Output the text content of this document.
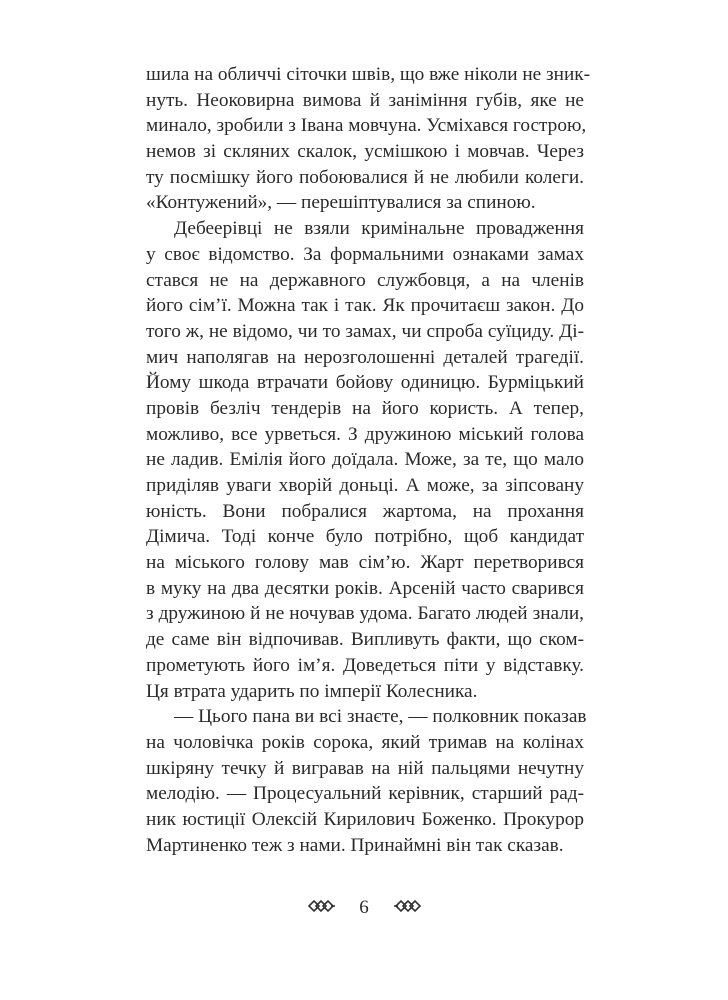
шила на обличчі сіточки швів, що вже ніколи не зник-
нуть. Неоковирна вимова й заніміння губів, яке не
минало, зробили з Івана мовчуна. Усміхався гострою,
немов зі скляних скалок, усмішкою і мовчав. Через
ту посмішку його побоювалися й не любили колеги.
«Контужений», — перешіптувалися за спиною.
Дебеерівці не взяли кримінальне провадження
у своє відомство. За формальними ознаками замах
стався не на державного службовця, а на членів
його сім’ї. Можна так і так. Як прочитаєш закон. До
того ж, не відомо, чи то замах, чи спроба суїциду. Ді-
мич наполягав на нерозголошенні деталей трагедії.
Йому шкода втрачати бойову одиницю. Бурміцький
провів безліч тендерів на його користь. А тепер,
можливо, все урветься. З дружиною міський голова
не ладив. Емілія його доїдала. Може, за те, що мало
приділяв уваги хворій доньці. А може, за зіпсовану
юність. Вони побралися жартома, на прохання
Дімича. Тоді конче було потрібно, щоб кандидат
на міського голову мав сім’ю. Жарт перетворився
в муку на два десятки років. Арсеній часто сварився
з дружиною й не ночував удома. Багато людей знали,
де саме він відпочивав. Випливуть факти, що ском-
прометують його ім’я. Доведеться піти у відставку.
Ця втрата ударить по імперії Колесника.
— Цього пана ви всі знаєте, — полковник показав
на чоловічка років сорока, який тримав на колінах
шкіряну течку й вигравав на ній пальцями нечутну
мелодію. — Процесуальний керівник, старший рад-
ник юстиції Олексій Кирилович Боженко. Прокурор
Мартиненко теж з нами. Принаймні він так сказав.
6
